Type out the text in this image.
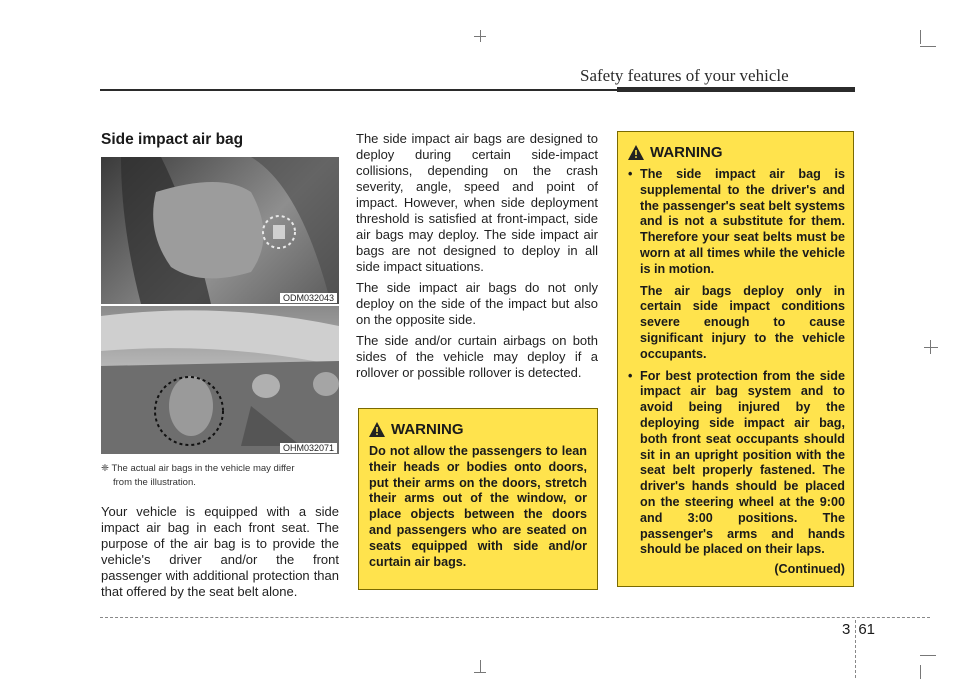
Safety features of your vehicle
Side impact air bag
ODM032043
OHM032071
❈ The actual air bags in the vehicle may differ
from the illustration.
Your vehicle is equipped with a side impact air bag in each front seat. The purpose of the air bag is to provide the vehicle's driver and/or the front passenger with additional protection than that offered by the seat belt alone.

The side impact air bags are designed to deploy during certain side-impact collisions, depending on the crash severity, angle, speed and point of impact. However, when side deployment threshold is satisfied at front-impact, side air bags may deploy. The side impact air bags are not designed to deploy in all side impact situations.

The side impact air bags do not only deploy on the side of the impact but also on the opposite side.

The side and/or curtain airbags on both sides of the vehicle may deploy if a rollover or possible rollover is detected.

WARNING
Do not allow the passengers to lean their heads or bodies onto doors, put their arms on the doors, stretch their arms out of the window, or place objects between the doors and passengers who are seated on seats equipped with side and/or curtain air bags.
WARNING
• The side impact air bag is supplemental to the driver's and the passenger's seat belt systems and is not a substitute for them. Therefore your seat belts must be worn at all times while the vehicle is in motion.
The air bags deploy only in certain side impact conditions severe enough to cause significant injury to the vehicle occupants.
• For best protection from the side impact air bag system and to avoid being injured by the deploying side impact air bag, both front seat occupants should sit in an upright position with the seat belt properly fastened. The driver's hands should be placed on the steering wheel at the 9:00 and 3:00 positions. The passenger's arms and hands should be placed on their laps.
(Continued)
3 61
